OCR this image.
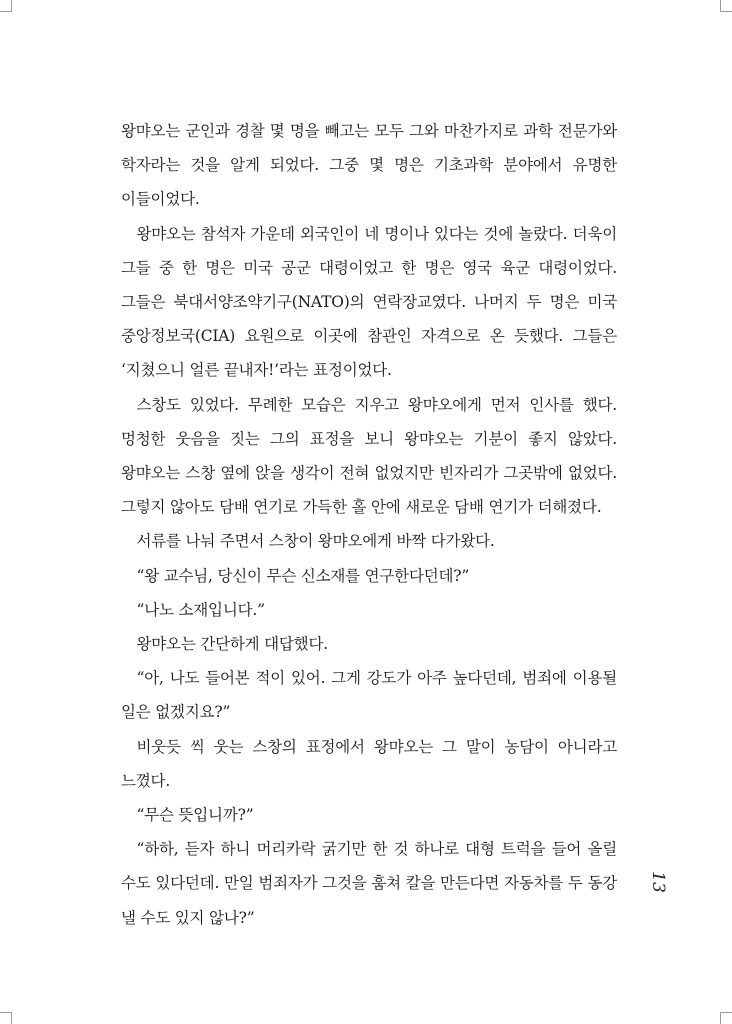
왕먀오는 군인과 경찰 몇 명을 빼고는 모두 그와 마찬가지로 과학 전문가와 학자라는 것을 알게 되었다. 그중 몇 명은 기초과학 분야에서 유명한 이들이었다.

왕먀오는 참석자 가운데 외국인이 네 명이나 있다는 것에 놀랐다. 더욱이 그들 중 한 명은 미국 공군 대령이었고 한 명은 영국 육군 대령이었다. 그들은 북대서양조약기구(NATO)의 연락장교였다. 나머지 두 명은 미국 중앙정보국(CIA) 요원으로 이곳에 참관인 자격으로 온 듯했다. 그들은 ‘지쳤으니 얼른 끝내자!’라는 표정이었다.

스창도 있었다. 무례한 모습은 지우고 왕먀오에게 먼저 인사를 했다. 멍청한 웃음을 짓는 그의 표정을 보니 왕먀오는 기분이 좋지 않았다. 왕먀오는 스창 옆에 앉을 생각이 전혀 없었지만 빈자리가 그곳밖에 없었다. 그렇지 않아도 담배 연기로 가득한 홀 안에 새로운 담배 연기가 더해졌다.

서류를 나눠 주면서 스창이 왕먀오에게 바짝 다가왔다.

“왕 교수님, 당신이 무슨 신소재를 연구한다던데?”

“나노 소재입니다.”

왕먀오는 간단하게 대답했다.

“아, 나도 들어본 적이 있어. 그게 강도가 아주 높다던데, 범죄에 이용될 일은 없겠지요?”

비웃듯 씩 웃는 스창의 표정에서 왕먀오는 그 말이 농담이 아니라고 느꼈다.

“무슨 뜻입니까?”

“하하, 듣자 하니 머리카락 굵기만 한 것 하나로 대형 트럭을 들어 올릴 수도 있다던데. 만일 범죄자가 그것을 훔쳐 칼을 만든다면 자동차를 두 동강 낼 수도 있지 않나?”

13
